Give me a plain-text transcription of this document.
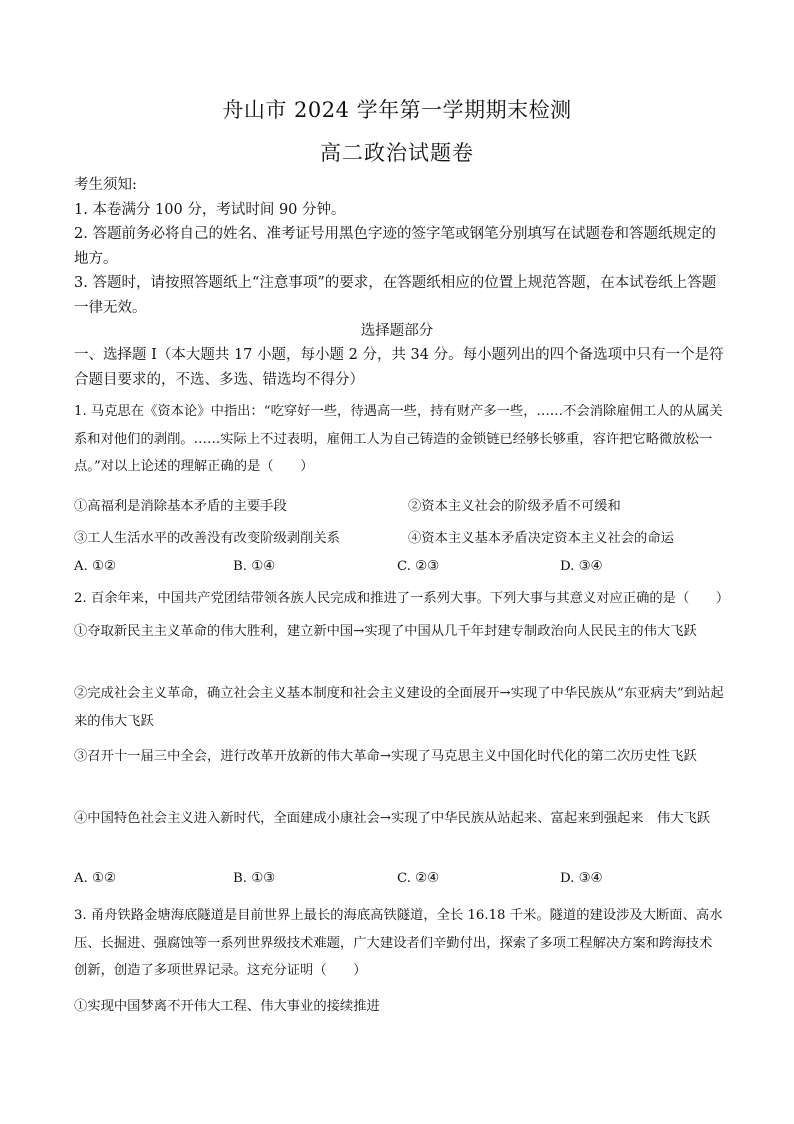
舟山市 2024 学年第一学期期末检测
高二政治试题卷
考生须知:
1. 本卷满分 100 分，考试时间 90 分钟。
2. 答题前务必将自己的姓名、准考证号用黑色字迹的签字笔或钢笔分别填写在试题卷和答题纸规定的地方。
3. 答题时，请按照答题纸上“注意事项”的要求，在答题纸相应的位置上规范答题，在本试卷纸上答题一律无效。
选择题部分
一、选择题 I（本大题共 17 小题，每小题 2 分，共 34 分。每小题列出的四个备选项中只有一个是符合题目要求的，不选、多选、错选均不得分）
1. 马克思在《资本论》中指出：“吃穿好一些，待遇高一些，持有财产多一些，……不会消除雇佣工人的从属关系和对他们的剥削。……实际上不过表明，雇佣工人为自己铸造的金锁链已经够长够重，容许把它略微放松一点。”对以上论述的理解正确的是（　　）
①高福利是消除基本矛盾的主要手段	②资本主义社会的阶级矛盾不可缓和
③工人生活水平的改善没有改变阶级剥削关系	④资本主义基本矛盾决定资本主义社会的命运
A. ①②	B. ①④	C. ②③	D. ③④
2. 百余年来，中国共产党团结带领各族人民完成和推进了一系列大事。下列大事与其意义对应正确的是（　　）
①夺取新民主主义革命的伟大胜利，建立新中国→实现了中国从几千年封建专制政治向人民民主的伟大飞跃
②完成社会主义革命，确立社会主义基本制度和社会主义建设的全面展开→实现了中华民族从“东亚病夫”到站起来的伟大飞跃
③召开十一届三中全会，进行改革开放新的伟大革命→实现了马克思主义中国化时代化的第二次历史性飞跃
④中国特色社会主义进入新时代，全面建成小康社会→实现了中华民族从站起来、富起来到强起来　伟大飞跃
A. ①②	B. ①③	C. ②④	D. ③④
3. 甬舟铁路金塘海底隧道是目前世界上最长的海底高铁隧道，全长 16.18 千米。隧道的建设涉及大断面、高水压、长掘进、强腐蚀等一系列世界级技术难题，广大建设者们辛勤付出，探索了多项工程解决方案和跨海技术创新，创造了多项世界记录。这充分证明（　　）
①实现中国梦离不开伟大工程、伟大事业的接续推进
